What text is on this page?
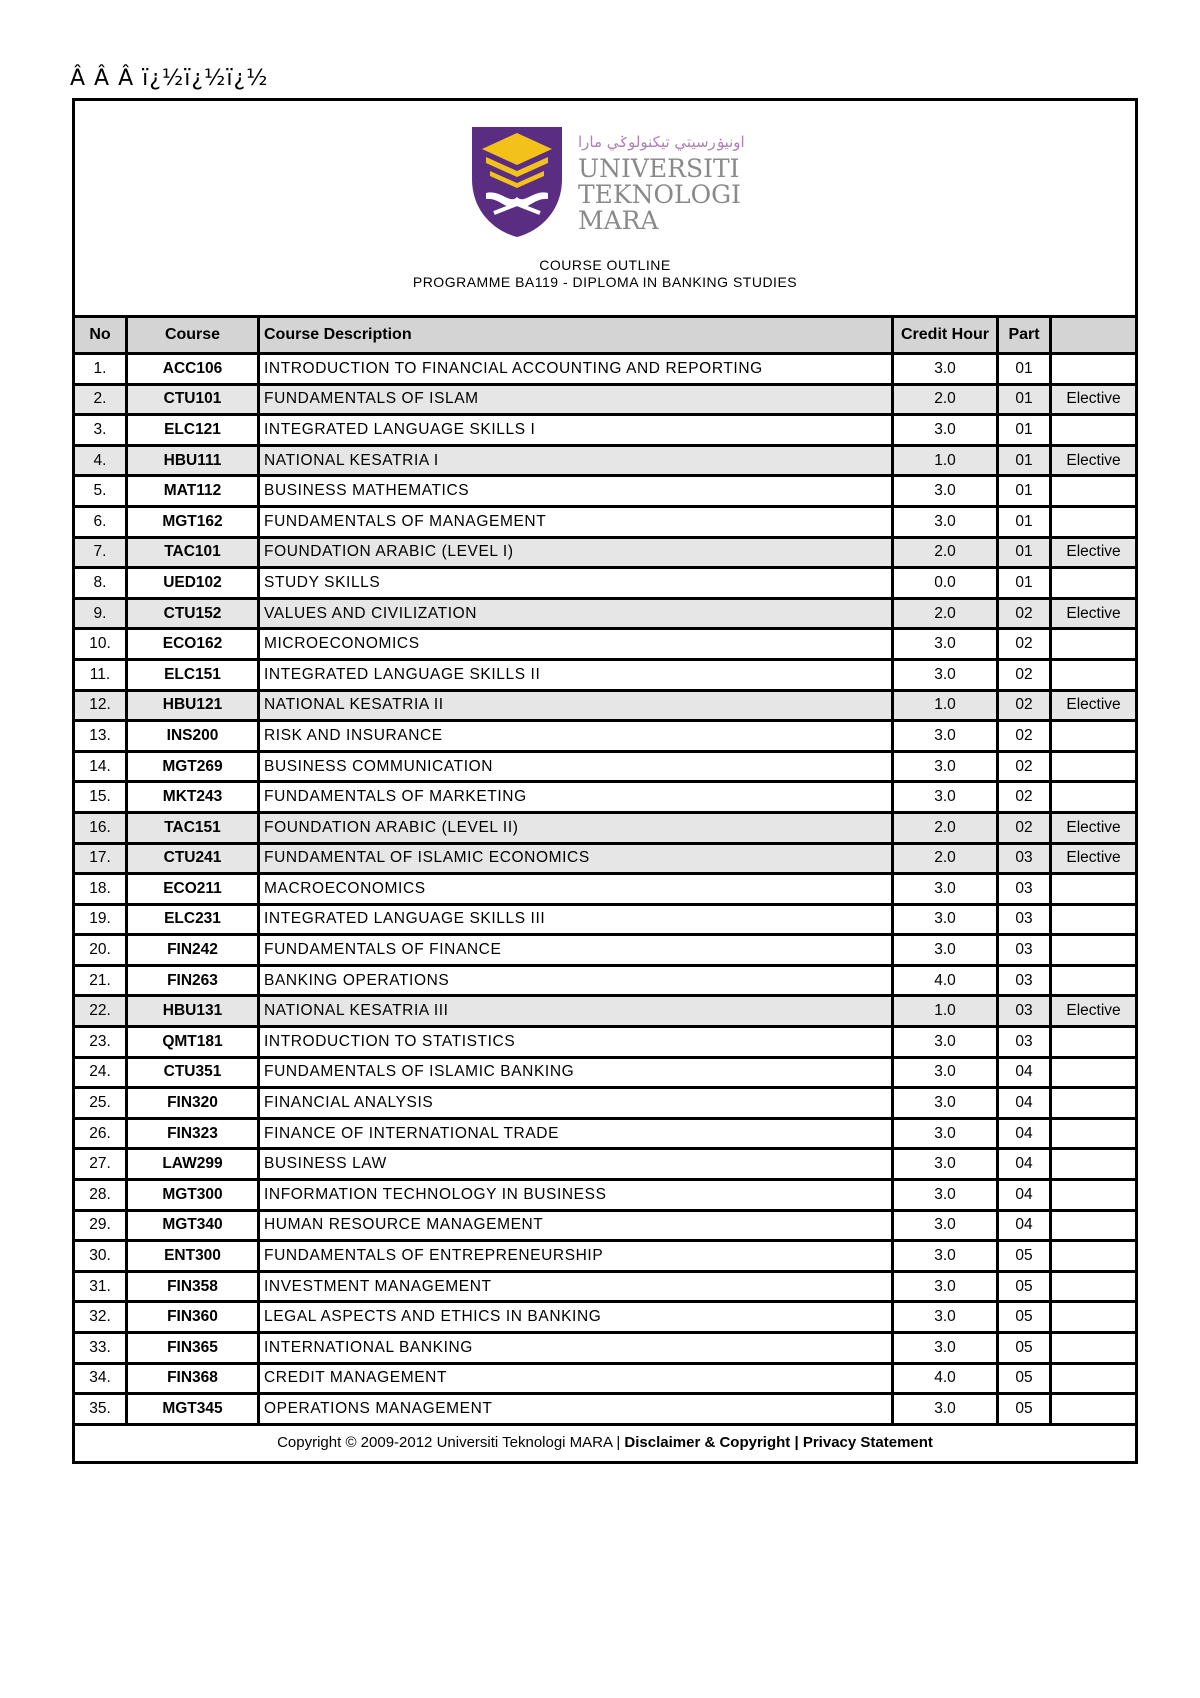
Â Â Â ï¿½ï¿½ï¿½
اونيۏرسيتي تيكنولوݢي مارا
UNIVERSITI
TEKNOLOGI
MARA
COURSE OUTLINE
PROGRAMME BA119 - DIPLOMA IN BANKING STUDIES
No	Course	Course Description	Credit Hour	Part	
1.	ACC106	INTRODUCTION TO FINANCIAL ACCOUNTING AND REPORTING	3.0	01	
2.	CTU101	FUNDAMENTALS OF ISLAM	2.0	01	Elective
3.	ELC121	INTEGRATED LANGUAGE SKILLS I	3.0	01	
4.	HBU111	NATIONAL KESATRIA I	1.0	01	Elective
5.	MAT112	BUSINESS MATHEMATICS	3.0	01	
6.	MGT162	FUNDAMENTALS OF MANAGEMENT	3.0	01	
7.	TAC101	FOUNDATION ARABIC (LEVEL I)	2.0	01	Elective
8.	UED102	STUDY SKILLS	0.0	01	
9.	CTU152	VALUES AND CIVILIZATION	2.0	02	Elective
10.	ECO162	MICROECONOMICS	3.0	02	
11.	ELC151	INTEGRATED LANGUAGE SKILLS II	3.0	02	
12.	HBU121	NATIONAL KESATRIA II	1.0	02	Elective
13.	INS200	RISK AND INSURANCE	3.0	02	
14.	MGT269	BUSINESS COMMUNICATION	3.0	02	
15.	MKT243	FUNDAMENTALS OF MARKETING	3.0	02	
16.	TAC151	FOUNDATION ARABIC (LEVEL II)	2.0	02	Elective
17.	CTU241	FUNDAMENTAL OF ISLAMIC ECONOMICS	2.0	03	Elective
18.	ECO211	MACROECONOMICS	3.0	03	
19.	ELC231	INTEGRATED LANGUAGE SKILLS III	3.0	03	
20.	FIN242	FUNDAMENTALS OF FINANCE	3.0	03	
21.	FIN263	BANKING OPERATIONS	4.0	03	
22.	HBU131	NATIONAL KESATRIA III	1.0	03	Elective
23.	QMT181	INTRODUCTION TO STATISTICS	3.0	03	
24.	CTU351	FUNDAMENTALS OF ISLAMIC BANKING	3.0	04	
25.	FIN320	FINANCIAL ANALYSIS	3.0	04	
26.	FIN323	FINANCE OF INTERNATIONAL TRADE	3.0	04	
27.	LAW299	BUSINESS LAW	3.0	04	
28.	MGT300	INFORMATION TECHNOLOGY IN BUSINESS	3.0	04	
29.	MGT340	HUMAN RESOURCE MANAGEMENT	3.0	04	
30.	ENT300	FUNDAMENTALS OF ENTREPRENEURSHIP	3.0	05	
31.	FIN358	INVESTMENT MANAGEMENT	3.0	05	
32.	FIN360	LEGAL ASPECTS AND ETHICS IN BANKING	3.0	05	
33.	FIN365	INTERNATIONAL BANKING	3.0	05	
34.	FIN368	CREDIT MANAGEMENT	4.0	05	
35.	MGT345	OPERATIONS MANAGEMENT	3.0	05	
Copyright © 2009-2012 Universiti Teknologi MARA | Disclaimer & Copyright | Privacy Statement
